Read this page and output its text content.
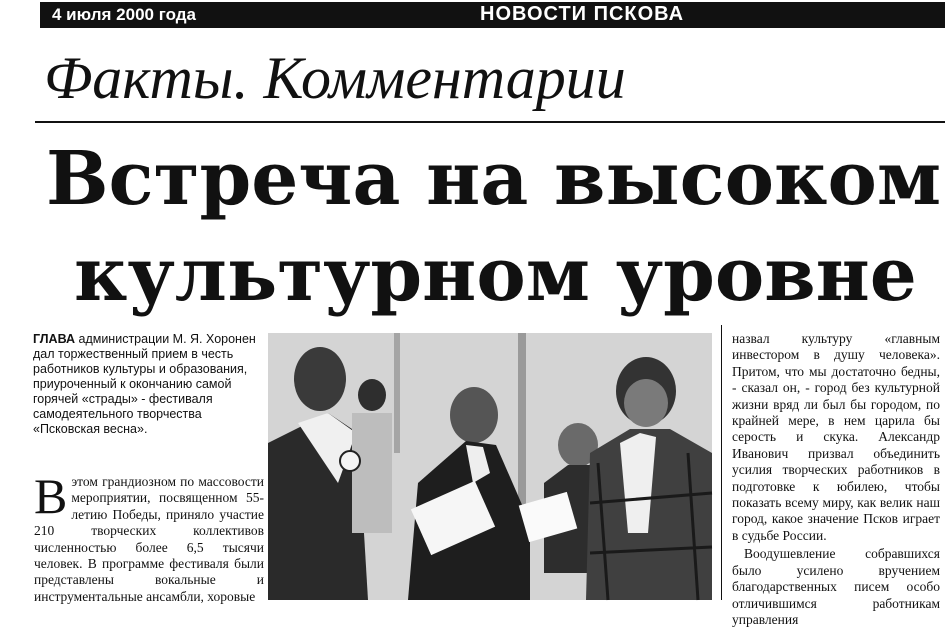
4 июля 2000 года	НОВОСТИ ПСКОВА
Факты. Комментарии
Встреча на высоком
культурном уровне
ГЛАВА администрации М. Я. Хоронен дал торжественный прием в честь работников культуры и образования, приуроченный к окончанию самой горячей «страды» - фестиваля самодеятельного творчества «Псковская весна».
В этом грандиозном по массовости мероприятии, посвященном 55-летию Победы, приняло участие 210 творческих коллективов численностью более 6,5 тысячи человек. В программе фестиваля были представлены вокальные и инструментальные ансамбли, хоровые

назвал культуру «главным инвестором в душу человека». Притом, что мы достаточно бедны, - сказал он, - город без культурной жизни вряд ли был бы городом, по крайней мере, в нем царила бы серость и скука. Александр Иванович призвал объединить усилия творческих работников в подготовке к юбилею, чтобы показать всему миру, как велик наш город, какое значение Псков играет в судьбе России.

Воодушевление собравшихся было усилено вручением благодарственных писем особо отличившимся работникам управления
